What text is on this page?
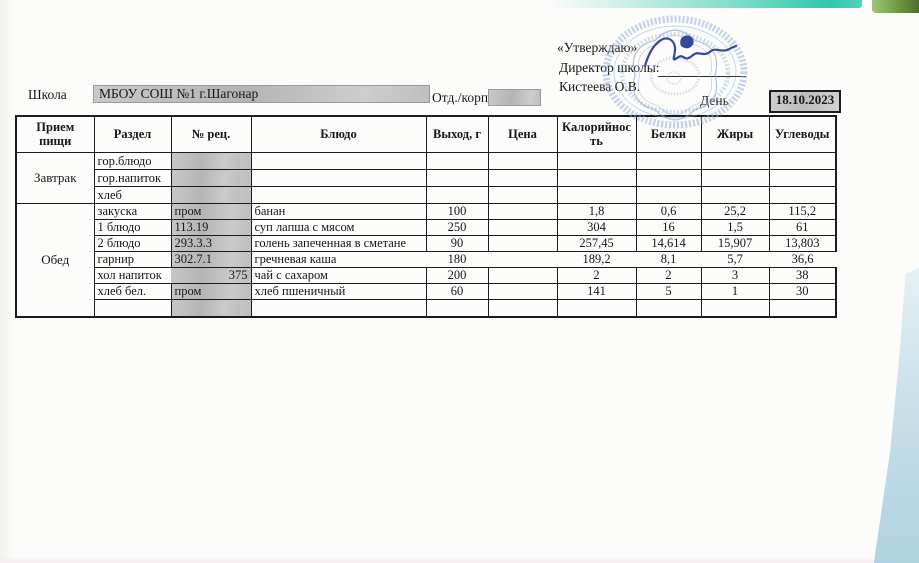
«Утверждаю»
Директор школы:
Кистеева О.В.
Школа	МБОУ СОШ №1 г.Шагонар	Отд./корп	День	18.10.2023
Прием пищи	Раздел	№ рец.	Блюдо	Выход, г	Цена	Калорийность	Белки	Жиры	Углеводы
Завтрак	гор.блюдо	

	гор.напиток	

	хлеб	

Обед	закуска	пром	банан	100		1,8	0,6	25,2	115,2
	1 блюдо	113.19	суп лапша с мясом	250		304	16	1,5	61
	2 блюдо	293.3.3	голень запеченная в сметане	90		257,45	14,614	15,907	13,803
	гарнир	302.7.1	гречневая каша	180		189,2	8,1	5,7	36,6
	хол напиток	375	чай с сахаром	200		2	2	3	38
	хлеб бел.	пром	хлеб пшеничный	60		141	5	1	30
